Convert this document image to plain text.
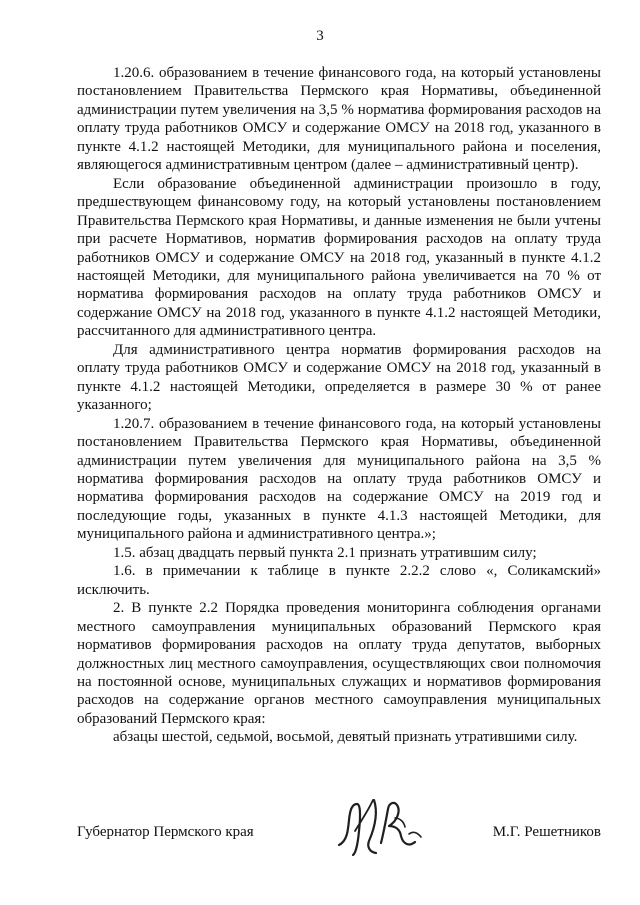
3

1.20.6. образованием в течение финансового года, на который установлены постановлением Правительства Пермского края Нормативы, объединенной администрации путем увеличения на 3,5 % норматива формирования расходов на оплату труда работников ОМСУ и содержание ОМСУ на 2018 год, указанного в пункте 4.1.2 настоящей Методики, для муниципального района и поселения, являющегося административным центром (далее – административный центр).

Если образование объединенной администрации произошло в году, предшествующем финансовому году, на который установлены постановлением Правительства Пермского края Нормативы, и данные изменения не были учтены при расчете Нормативов, норматив формирования расходов на оплату труда работников ОМСУ и содержание ОМСУ на 2018 год, указанный в пункте 4.1.2 настоящей Методики, для муниципального района увеличивается на 70 % от норматива формирования расходов на оплату труда работников ОМСУ и содержание ОМСУ на 2018 год, указанного в пункте 4.1.2 настоящей Методики, рассчитанного для административного центра.

Для административного центра норматив формирования расходов на оплату труда работников ОМСУ и содержание ОМСУ на 2018 год, указанный в пункте 4.1.2 настоящей Методики, определяется в размере 30 % от ранее указанного;

1.20.7. образованием в течение финансового года, на который установлены постановлением Правительства Пермского края Нормативы, объединенной администрации путем увеличения для муниципального района на 3,5 % норматива формирования расходов на оплату труда работников ОМСУ и норматива формирования расходов на содержание ОМСУ на 2019 год и последующие годы, указанных в пункте 4.1.3 настоящей Методики, для муниципального района и административного центра.»;

1.5. абзац двадцать первый пункта 2.1 признать утратившим силу;

1.6. в примечании к таблице в пункте 2.2.2 слово «, Соликамский» исключить.

2. В пункте 2.2 Порядка проведения мониторинга соблюдения органами местного самоуправления муниципальных образований Пермского края нормативов формирования расходов на оплату труда депутатов, выборных должностных лиц местного самоуправления, осуществляющих свои полномочия на постоянной основе, муниципальных служащих и нормативов формирования расходов на содержание органов местного самоуправления муниципальных образований Пермского края:

абзацы шестой, седьмой, восьмой, девятый признать утратившими силу.

Губернатор Пермского края	М.Г. Решетников
